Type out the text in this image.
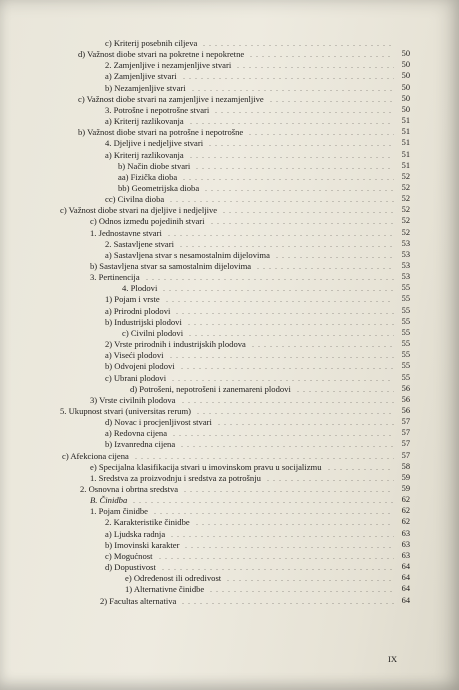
c) Kriterij posebnih ciljeva
d) Važnost diobe stvari na pokretne i nepokretne	50
2. Zamjenljive i nezamjenljive stvari	50
a) Zamjenljive stvari	50
b) Nezamjenljive stvari	50
c) Važnost diobe stvari na zamjenljive i nezamjenljive	50
3. Potrošne i nepotrošne stvari	50
a) Kriterij razlikovanja	51
b) Važnost diobe stvari na potrošne i nepotrošne	51
4. Djeljive i nedjeljive stvari	51
a) Kriterij razlikovanja	51
b) Način diobe stvari	51
aa) Fizička dioba	52
bb) Geometrijska dioba	52
cc) Civilna dioba	52
c) Važnost diobe stvari na djeljive i nedjeljive	52
c) Odnos između pojedinih stvari	52
1. Jednostavne stvari	52
2. Sastavljene stvari	53
a) Sastavljena stvar s nesamostalnim dijelovima	53
b) Sastavljena stvar sa samostalnim dijelovima	53
3. Pertinencija	53
4. Plodovi	55
1) Pojam i vrste	55
a) Prirodni plodovi	55
b) Industrijski plodovi	55
c) Civilni plodovi	55
2) Vrste prirodnih i industrijskih plodova	55
a) Viseći plodovi	55
b) Odvojeni plodovi	55
c) Ubrani plodovi	55
d) Potrošeni, nepotrošeni i zanemareni plodovi	56
3) Vrste civilnih plodova	56
5. Ukupnost stvari (universitas rerum)	56
d) Novac i procjenljivost stvari	57
a) Redovna cijena	57
b) Izvanredna cijena	57
c) Afekciona cijena	57
e) Specijalna klasifikacija stvari u imovinskom pravu u socijalizmu	58
1. Sredstva za proizvodnju i sredstva za potrošnju	59
2. Osnovna i obrtna sredstva	59
B. Činidba	62
1. Pojam činidbe	62
2. Karakteristike činidbe	62
a) Ljudska radnja	63
b) Imovinski karakter	63
c) Mogućnost	63
d) Dopustivost	64
e) Određenost ili odredivost	64
1) Alternativne činidbe	64
2) Facultas alternativa	64
IX
